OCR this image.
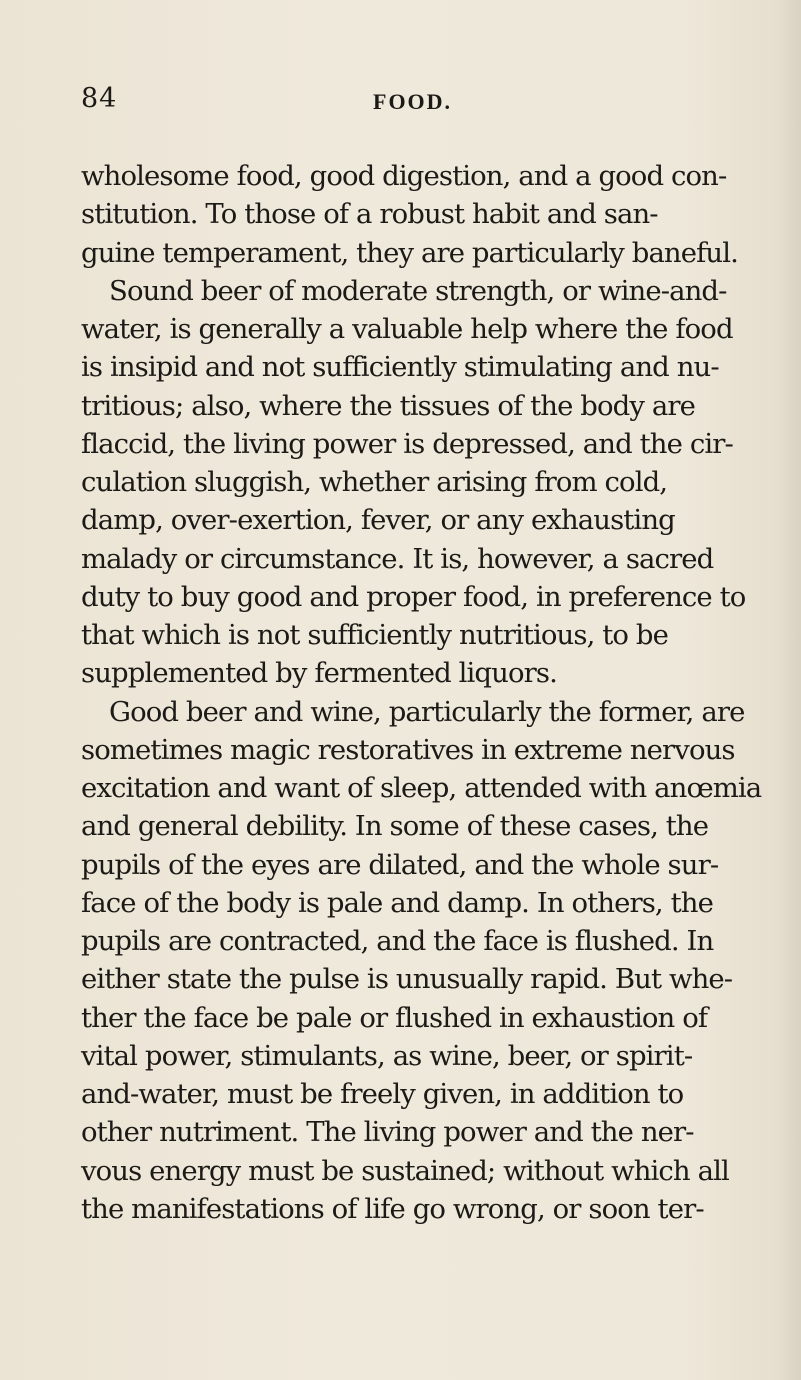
84	FOOD.
wholesome food, good digestion, and a good con-
stitution. To those of a robust habit and san-
guine temperament, they are particularly baneful.
Sound beer of moderate strength, or wine-and-
water, is generally a valuable help where the food
is insipid and not sufficiently stimulating and nu-
tritious; also, where the tissues of the body are
flaccid, the living power is depressed, and the cir-
culation sluggish, whether arising from cold,
damp, over-exertion, fever, or any exhausting
malady or circumstance. It is, however, a sacred
duty to buy good and proper food, in preference to
that which is not sufficiently nutritious, to be
supplemented by fermented liquors.
Good beer and wine, particularly the former, are
sometimes magic restoratives in extreme nervous
excitation and want of sleep, attended with anœmia
and general debility. In some of these cases, the
pupils of the eyes are dilated, and the whole sur-
face of the body is pale and damp. In others, the
pupils are contracted, and the face is flushed. In
either state the pulse is unusually rapid. But whe-
ther the face be pale or flushed in exhaustion of
vital power, stimulants, as wine, beer, or spirit-
and-water, must be freely given, in addition to
other nutriment. The living power and the ner-
vous energy must be sustained; without which all
the manifestations of life go wrong, or soon ter-
